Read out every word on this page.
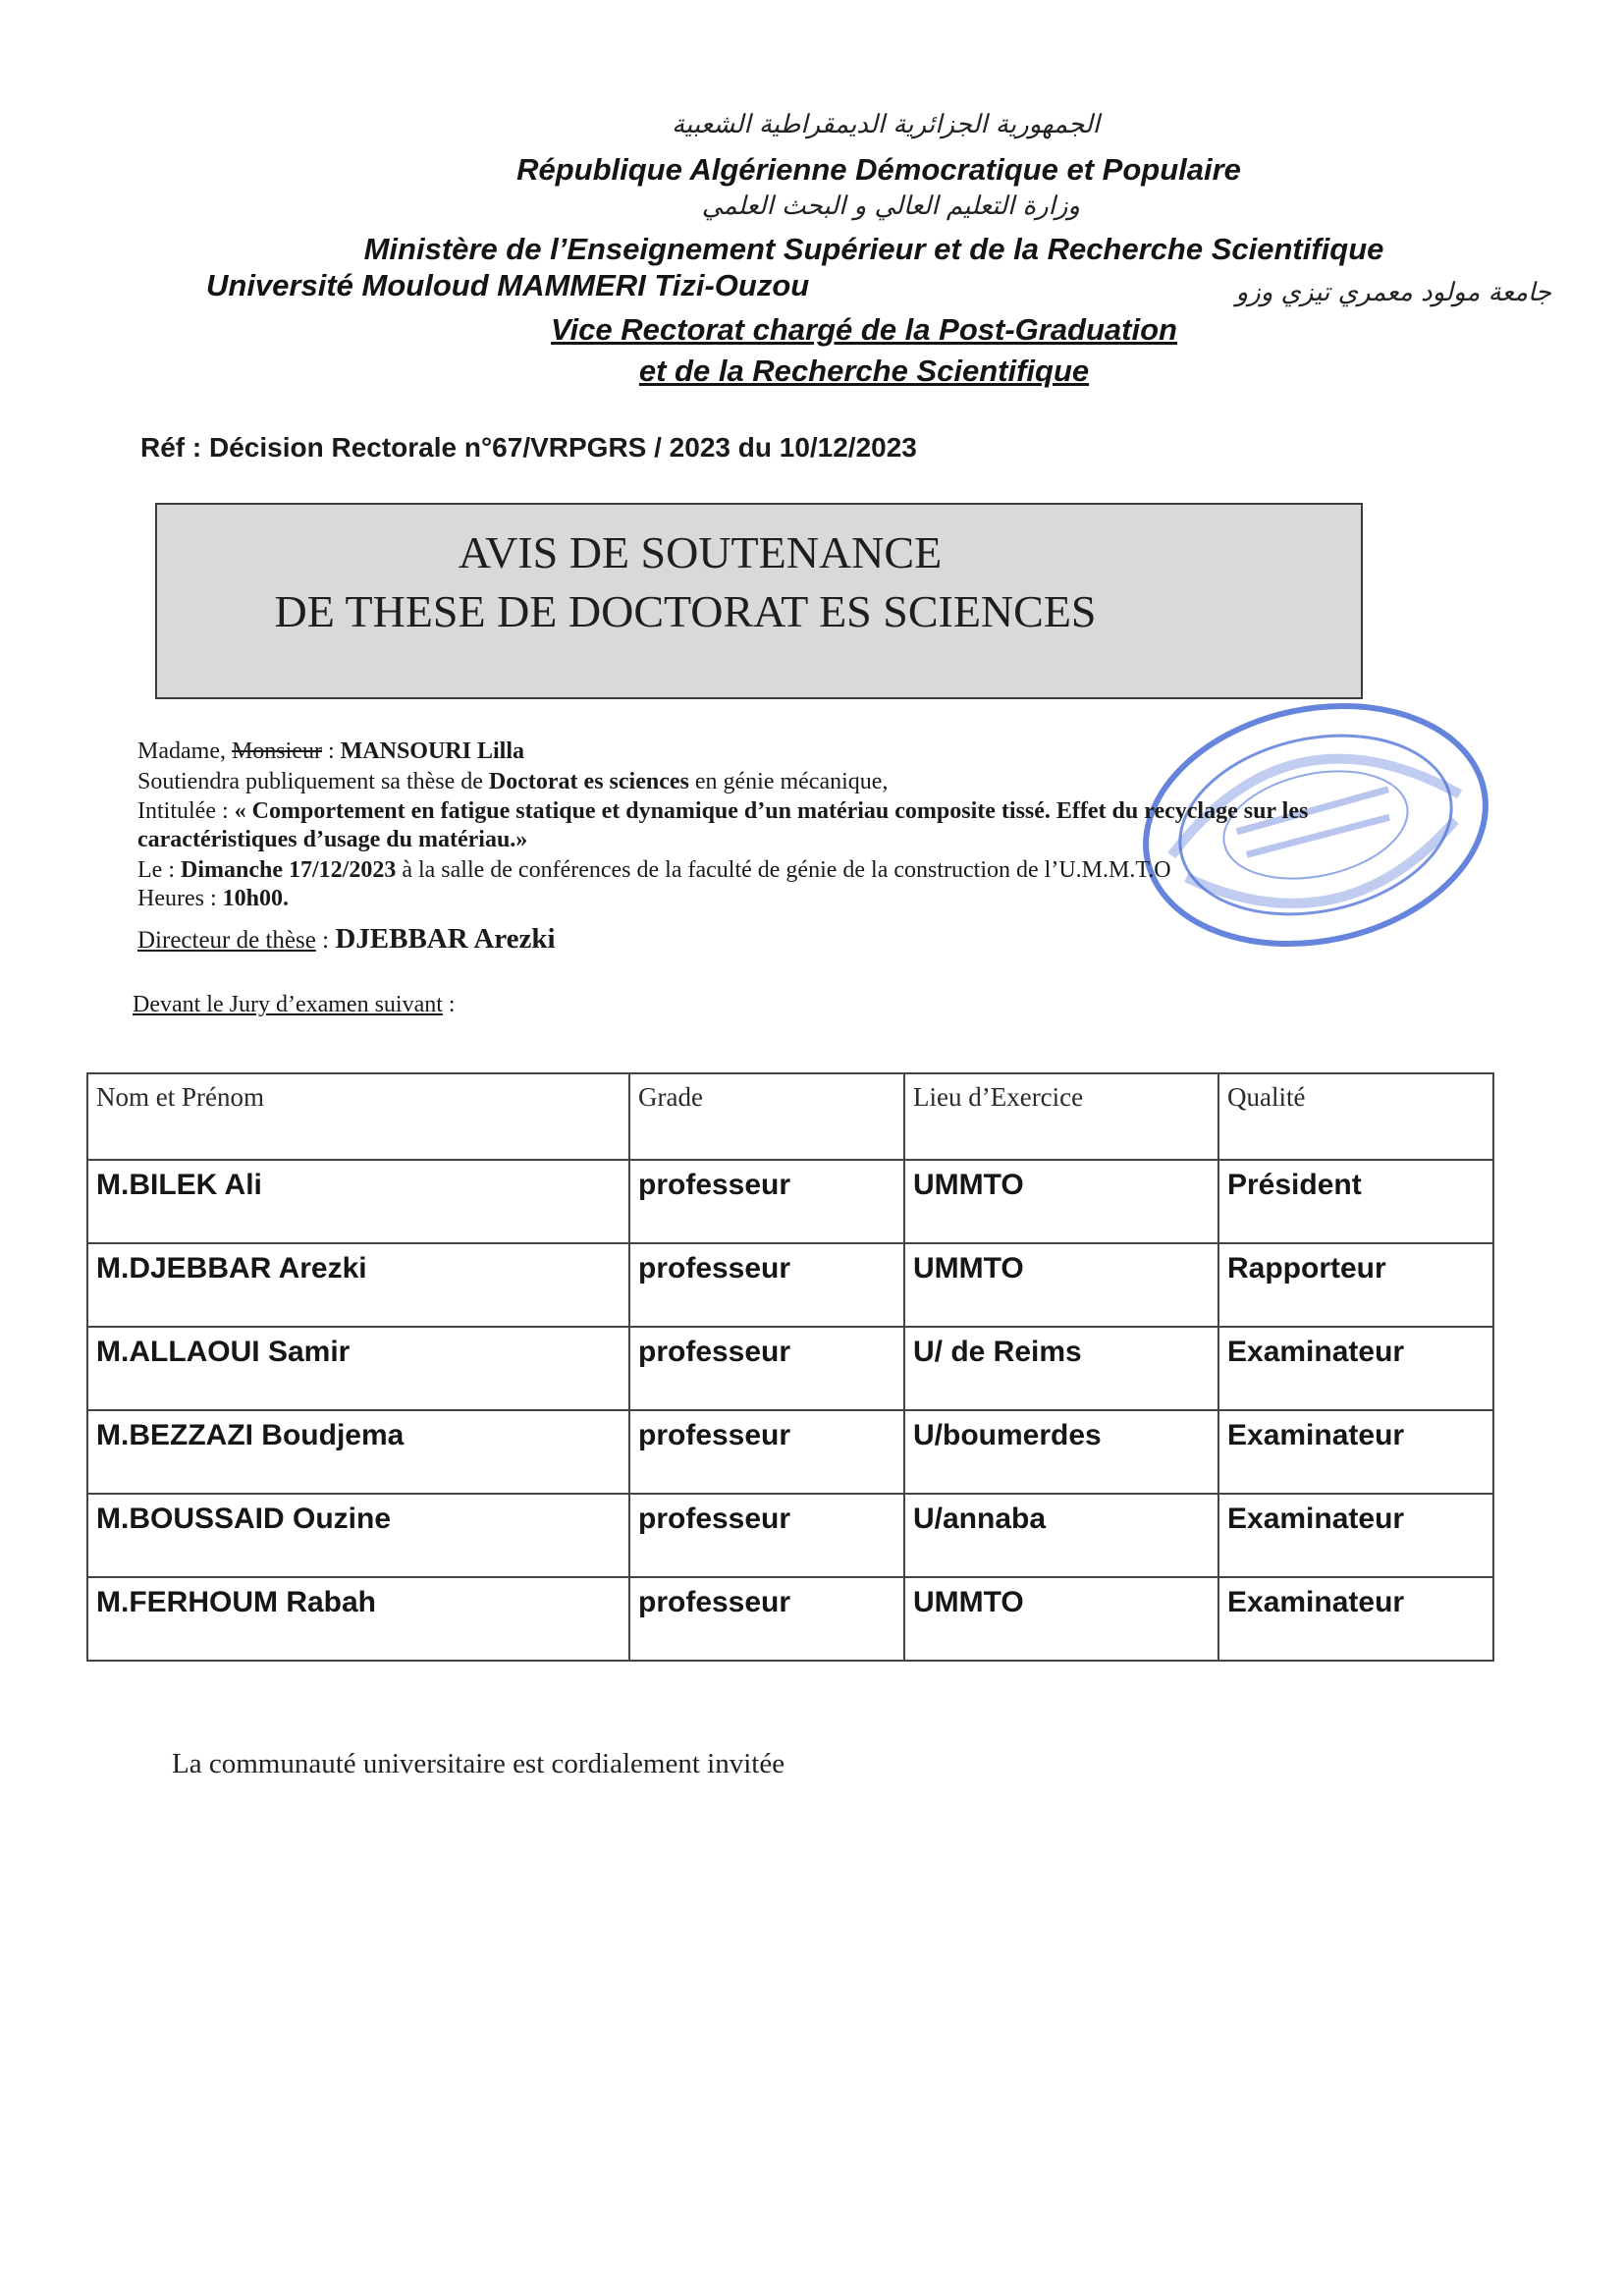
الجمهورية الجزائرية الديمقراطية الشعبية
République Algérienne Démocratique et Populaire
وزارة التعليم العالي و البحث العلمي
Ministère de l’Enseignement Supérieur et de la Recherche Scientifique
Université Mouloud MAMMERI Tizi-Ouzou	جامعة مولود معمري تيزي وزو
Vice Rectorat chargé de la Post-Graduation
et de la Recherche Scientifique
Réf : Décision Rectorale n°67/VRPGRS / 2023 du 10/12/2023
AVIS DE SOUTENANCE
DE THESE DE DOCTORAT ES SCIENCES
Madame, Monsieur : MANSOURI Lilla
Soutiendra publiquement sa thèse de Doctorat es sciences en génie mécanique,
Intitulée : « Comportement en fatigue statique et dynamique d’un matériau composite tissé. Effet du recyclage sur les
caractéristiques d’usage du matériau.»
Le : Dimanche 17/12/2023 à la salle de conférences de la faculté de génie de la construction de l’U.M.M.T.O
Heures : 10h00.
Directeur de thèse : DJEBBAR Arezki
Devant le Jury d’examen suivant :
Nom et Prénom	Grade	Lieu d’Exercice	Qualité
M.BILEK Ali	professeur	UMMTO	Président
M.DJEBBAR Arezki	professeur	UMMTO	Rapporteur
M.ALLAOUI Samir	professeur	U/ de Reims	Examinateur
M.BEZZAZI Boudjema	professeur	U/boumerdes	Examinateur
M.BOUSSAID Ouzine	professeur	U/annaba	Examinateur
M.FERHOUM Rabah	professeur	UMMTO	Examinateur
La communauté universitaire est cordialement invitée
